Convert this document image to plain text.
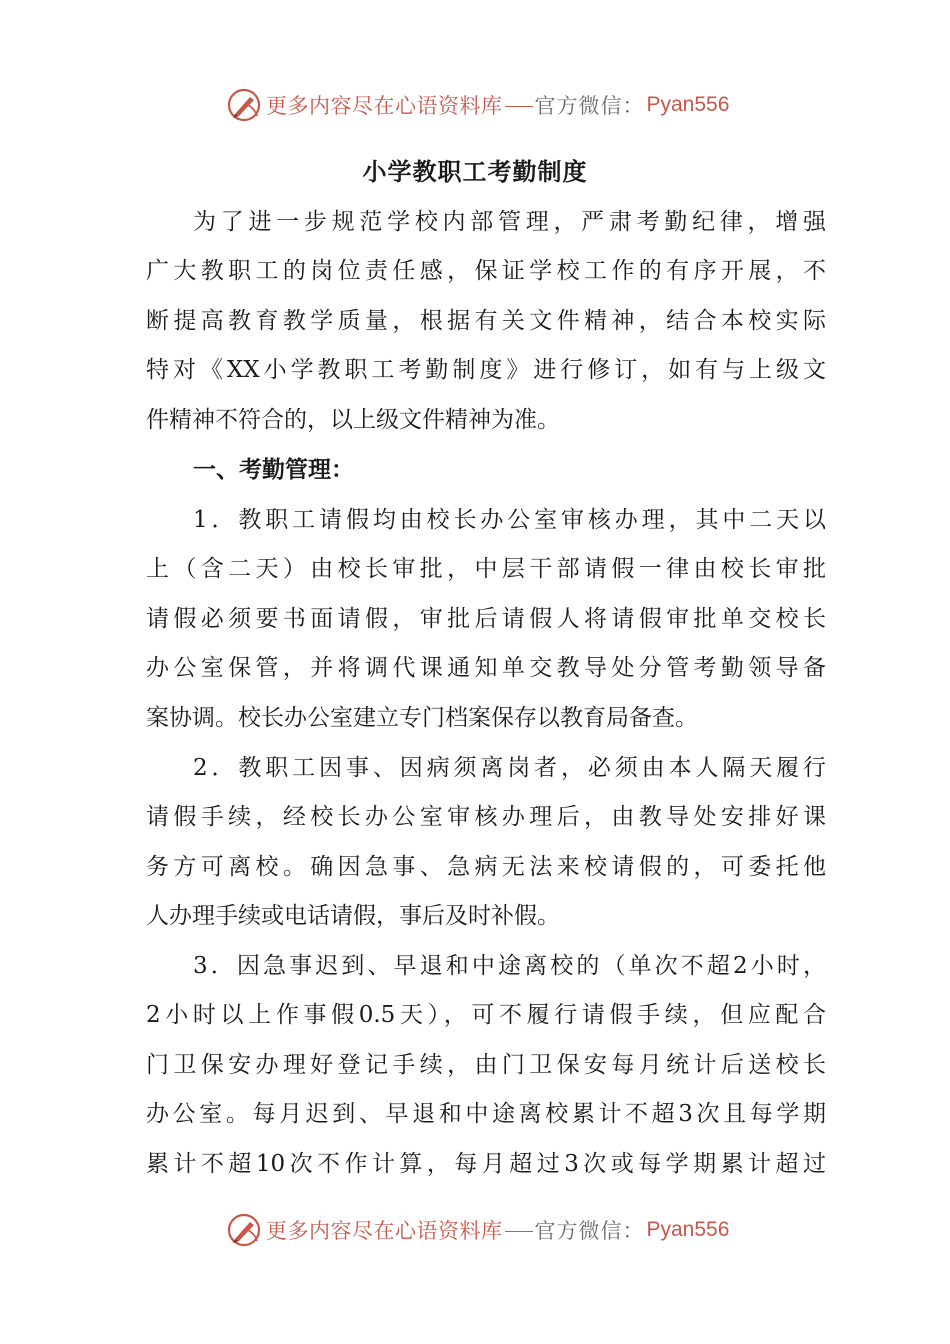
更多内容尽在心语资料库 官方微信： Pyan556
小学教职工考勤制度
为了进一步规范学校内部管理，严肃考勤纪律，增强
广大教职工的岗位责任感，保证学校工作的有序开展，不
断提高教育教学质量，根据有关文件精神，结合本校实际
特对《XX小学教职工考勤制度》进行修订，如有与上级文
件精神不符合的，以上级文件精神为准。
一、考勤管理：
1．教职工请假均由校长办公室审核办理，其中二天以
上（含二天）由校长审批，中层干部请假一律由校长审批
请假必须要书面请假，审批后请假人将请假审批单交校长
办公室保管，并将调代课通知单交教导处分管考勤领导备
案协调。校长办公室建立专门档案保存以教育局备查。
2．教职工因事、因病须离岗者，必须由本人隔天履行
请假手续，经校长办公室审核办理后，由教导处安排好课
务方可离校。确因急事、急病无法来校请假的，可委托他
人办理手续或电话请假，事后及时补假。
3．因急事迟到、早退和中途离校的（单次不超2小时，
2小时以上作事假0.5天），可不履行请假手续，但应配合
门卫保安办理好登记手续，由门卫保安每月统计后送校长
办公室。每月迟到、早退和中途离校累计不超3次且每学期
累计不超10次不作计算，每月超过3次或每学期累计超过
更多内容尽在心语资料库 官方微信： Pyan556
